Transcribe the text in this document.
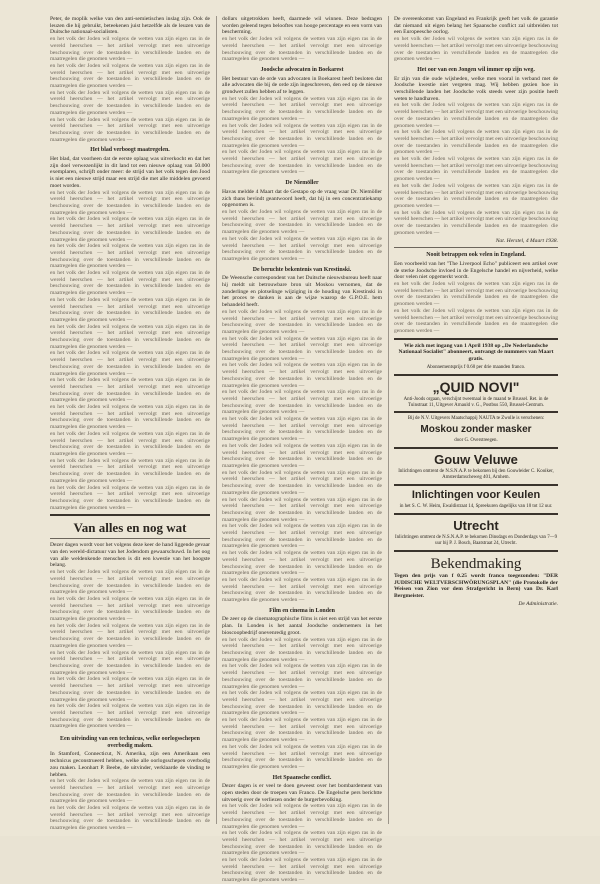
Peter, de moplik welke van den anti-semietischen inslag zijn. Ook de leuzen die hij gebruikt, beteekenen juist hetzelfde als de leuzen van de Duitsche nationaal-socialisten.
en het volk der Joden wil volgens de wetten van zijn eigen ras in de wereld heerschen — het artikel vervolgt met een uitvoerige beschouwing over de toestanden in verschillende landen en de maatregelen die genomen werden —
en het volk der Joden wil volgens de wetten van zijn eigen ras in de wereld heerschen — het artikel vervolgt met een uitvoerige beschouwing over de toestanden in verschillende landen en de maatregelen die genomen werden —
en het volk der Joden wil volgens de wetten van zijn eigen ras in de wereld heerschen — het artikel vervolgt met een uitvoerige beschouwing over de toestanden in verschillende landen en de maatregelen die genomen werden —
en het volk der Joden wil volgens de wetten van zijn eigen ras in de wereld heerschen — het artikel vervolgt met een uitvoerige beschouwing over de toestanden in verschillende landen en de maatregelen die genomen werden —
Het blad verboogt maatregelen.
Het blad, dat voorheen dat de eerste oplaag was uitverkocht en dat het zijn doel verwezenlijkt in dit land tot een nieuwe oplaag van 50.000 exemplaren, schrijft onder meer: de strijd van het volk tegen den Jood is niet een nieuwe strijd maar een strijd die met alle middelen gevoerd moet worden.
en het volk der Joden wil volgens de wetten van zijn eigen ras in de wereld heerschen — het artikel vervolgt met een uitvoerige beschouwing over de toestanden in verschillende landen en de maatregelen die genomen werden —
en het volk der Joden wil volgens de wetten van zijn eigen ras in de wereld heerschen — het artikel vervolgt met een uitvoerige beschouwing over de toestanden in verschillende landen en de maatregelen die genomen werden —
en het volk der Joden wil volgens de wetten van zijn eigen ras in de wereld heerschen — het artikel vervolgt met een uitvoerige beschouwing over de toestanden in verschillende landen en de maatregelen die genomen werden —
en het volk der Joden wil volgens de wetten van zijn eigen ras in de wereld heerschen — het artikel vervolgt met een uitvoerige beschouwing over de toestanden in verschillende landen en de maatregelen die genomen werden —
en het volk der Joden wil volgens de wetten van zijn eigen ras in de wereld heerschen — het artikel vervolgt met een uitvoerige beschouwing over de toestanden in verschillende landen en de maatregelen die genomen werden —
en het volk der Joden wil volgens de wetten van zijn eigen ras in de wereld heerschen — het artikel vervolgt met een uitvoerige beschouwing over de toestanden in verschillende landen en de maatregelen die genomen werden —
en het volk der Joden wil volgens de wetten van zijn eigen ras in de wereld heerschen — het artikel vervolgt met een uitvoerige beschouwing over de toestanden in verschillende landen en de maatregelen die genomen werden —
en het volk der Joden wil volgens de wetten van zijn eigen ras in de wereld heerschen — het artikel vervolgt met een uitvoerige beschouwing over de toestanden in verschillende landen en de maatregelen die genomen werden —
en het volk der Joden wil volgens de wetten van zijn eigen ras in de wereld heerschen — het artikel vervolgt met een uitvoerige beschouwing over de toestanden in verschillende landen en de maatregelen die genomen werden —
en het volk der Joden wil volgens de wetten van zijn eigen ras in de wereld heerschen — het artikel vervolgt met een uitvoerige beschouwing over de toestanden in verschillende landen en de maatregelen die genomen werden —
en het volk der Joden wil volgens de wetten van zijn eigen ras in de wereld heerschen — het artikel vervolgt met een uitvoerige beschouwing over de toestanden in verschillende landen en de maatregelen die genomen werden —
en het volk der Joden wil volgens de wetten van zijn eigen ras in de wereld heerschen — het artikel vervolgt met een uitvoerige beschouwing over de toestanden in verschillende landen en de maatregelen die genomen werden —
Van alles en nog wat
Dezer dagen wordt voor het volgens deze keer de hand liggende gevaar van den wereld-dictatuur van het Jodendom gewaarschuwd. In het oog van alle weldenkende menschen is dit een kwestie van het hoogste belang.
en het volk der Joden wil volgens de wetten van zijn eigen ras in de wereld heerschen — het artikel vervolgt met een uitvoerige beschouwing over de toestanden in verschillende landen en de maatregelen die genomen werden —
en het volk der Joden wil volgens de wetten van zijn eigen ras in de wereld heerschen — het artikel vervolgt met een uitvoerige beschouwing over de toestanden in verschillende landen en de maatregelen die genomen werden —
en het volk der Joden wil volgens de wetten van zijn eigen ras in de wereld heerschen — het artikel vervolgt met een uitvoerige beschouwing over de toestanden in verschillende landen en de maatregelen die genomen werden —
en het volk der Joden wil volgens de wetten van zijn eigen ras in de wereld heerschen — het artikel vervolgt met een uitvoerige beschouwing over de toestanden in verschillende landen en de maatregelen die genomen werden —
en het volk der Joden wil volgens de wetten van zijn eigen ras in de wereld heerschen — het artikel vervolgt met een uitvoerige beschouwing over de toestanden in verschillende landen en de maatregelen die genomen werden —
en het volk der Joden wil volgens de wetten van zijn eigen ras in de wereld heerschen — het artikel vervolgt met een uitvoerige beschouwing over de toestanden in verschillende landen en de maatregelen die genomen werden —
Een uitvinding van een technicus, welke oorlogsschepen overbodig maken.
In Stamford, Connecticut, N. Amerika, zijn een Amerikaan een technicus geconstrueerd hebben, welke alle oorlogsschepen overbodig zou maken. Leonhart P. Beebe, de uitvinder, verklaarde de vinding te hebben.
en het volk der Joden wil volgens de wetten van zijn eigen ras in de wereld heerschen — het artikel vervolgt met een uitvoerige beschouwing over de toestanden in verschillende landen en de maatregelen die genomen werden —
en het volk der Joden wil volgens de wetten van zijn eigen ras in de wereld heerschen — het artikel vervolgt met een uitvoerige beschouwing over de toestanden in verschillende landen en de maatregelen die genomen werden —
dollars uitgetrokken heeft, daarmede wil winnen. Deze bedragen worden geleend tegen belooftes van hooge percentage en een vorm van bescherming.
en het volk der Joden wil volgens de wetten van zijn eigen ras in de wereld heerschen — het artikel vervolgt met een uitvoerige beschouwing over de toestanden in verschillende landen en de maatregelen die genomen werden —
Joodsche advocaten in Boekarest
Het bestuur van de orde van advocaten in Boekarest heeft besloten dat alle advocaten die bij de orde zijn ingeschreven, den eed op de nieuwe grondwet zullen hebben af te leggen.
en het volk der Joden wil volgens de wetten van zijn eigen ras in de wereld heerschen — het artikel vervolgt met een uitvoerige beschouwing over de toestanden in verschillende landen en de maatregelen die genomen werden —
en het volk der Joden wil volgens de wetten van zijn eigen ras in de wereld heerschen — het artikel vervolgt met een uitvoerige beschouwing over de toestanden in verschillende landen en de maatregelen die genomen werden —
en het volk der Joden wil volgens de wetten van zijn eigen ras in de wereld heerschen — het artikel vervolgt met een uitvoerige beschouwing over de toestanden in verschillende landen en de maatregelen die genomen werden —
De Niemöller
Havas meldde 4 Maart dat de Gestapo op de vraag waar Dr. Niemöller zich thans bevindt geantwoord heeft, dat hij in een concentratiekamp opgenomen is.
en het volk der Joden wil volgens de wetten van zijn eigen ras in de wereld heerschen — het artikel vervolgt met een uitvoerige beschouwing over de toestanden in verschillende landen en de maatregelen die genomen werden —
en het volk der Joden wil volgens de wetten van zijn eigen ras in de wereld heerschen — het artikel vervolgt met een uitvoerige beschouwing over de toestanden in verschillende landen en de maatregelen die genomen werden —
De beruchte bekentenis van Krestinski.
De Weensche correspondent van het Duitsche nieuwsbureau heeft naar hij meldt uit betrouwbare bron uit Moskou vernomen, dat de zonderlinge en plotselinge wijziging in de houding van Krestinski in het proces te danken is aan de wijze waarop de G.P.O.E. hem behandeld heeft.
en het volk der Joden wil volgens de wetten van zijn eigen ras in de wereld heerschen — het artikel vervolgt met een uitvoerige beschouwing over de toestanden in verschillende landen en de maatregelen die genomen werden —
en het volk der Joden wil volgens de wetten van zijn eigen ras in de wereld heerschen — het artikel vervolgt met een uitvoerige beschouwing over de toestanden in verschillende landen en de maatregelen die genomen werden —
en het volk der Joden wil volgens de wetten van zijn eigen ras in de wereld heerschen — het artikel vervolgt met een uitvoerige beschouwing over de toestanden in verschillende landen en de maatregelen die genomen werden —
en het volk der Joden wil volgens de wetten van zijn eigen ras in de wereld heerschen — het artikel vervolgt met een uitvoerige beschouwing over de toestanden in verschillende landen en de maatregelen die genomen werden —
en het volk der Joden wil volgens de wetten van zijn eigen ras in de wereld heerschen — het artikel vervolgt met een uitvoerige beschouwing over de toestanden in verschillende landen en de maatregelen die genomen werden —
en het volk der Joden wil volgens de wetten van zijn eigen ras in de wereld heerschen — het artikel vervolgt met een uitvoerige beschouwing over de toestanden in verschillende landen en de maatregelen die genomen werden —
en het volk der Joden wil volgens de wetten van zijn eigen ras in de wereld heerschen — het artikel vervolgt met een uitvoerige beschouwing over de toestanden in verschillende landen en de maatregelen die genomen werden —
en het volk der Joden wil volgens de wetten van zijn eigen ras in de wereld heerschen — het artikel vervolgt met een uitvoerige beschouwing over de toestanden in verschillende landen en de maatregelen die genomen werden —
en het volk der Joden wil volgens de wetten van zijn eigen ras in de wereld heerschen — het artikel vervolgt met een uitvoerige beschouwing over de toestanden in verschillende landen en de maatregelen die genomen werden —
en het volk der Joden wil volgens de wetten van zijn eigen ras in de wereld heerschen — het artikel vervolgt met een uitvoerige beschouwing over de toestanden in verschillende landen en de maatregelen die genomen werden —
en het volk der Joden wil volgens de wetten van zijn eigen ras in de wereld heerschen — het artikel vervolgt met een uitvoerige beschouwing over de toestanden in verschillende landen en de maatregelen die genomen werden —
Film en cinema in Londen
De zeer op de cinematographische films is niet een strijd van het eerste plan. In Londen is het aantal Joodsche ondernemers in het bioscoopbedrijf onevenredig groot.
en het volk der Joden wil volgens de wetten van zijn eigen ras in de wereld heerschen — het artikel vervolgt met een uitvoerige beschouwing over de toestanden in verschillende landen en de maatregelen die genomen werden —
en het volk der Joden wil volgens de wetten van zijn eigen ras in de wereld heerschen — het artikel vervolgt met een uitvoerige beschouwing over de toestanden in verschillende landen en de maatregelen die genomen werden —
en het volk der Joden wil volgens de wetten van zijn eigen ras in de wereld heerschen — het artikel vervolgt met een uitvoerige beschouwing over de toestanden in verschillende landen en de maatregelen die genomen werden —
en het volk der Joden wil volgens de wetten van zijn eigen ras in de wereld heerschen — het artikel vervolgt met een uitvoerige beschouwing over de toestanden in verschillende landen en de maatregelen die genomen werden —
en het volk der Joden wil volgens de wetten van zijn eigen ras in de wereld heerschen — het artikel vervolgt met een uitvoerige beschouwing over de toestanden in verschillende landen en de maatregelen die genomen werden —
Het Spaansche conflict.
Dezer dagen is er veel te doen geweest over het bombardement van open steden door de troepen van Franco. De Engelsche pers berichtte uitvoerig over de verliezen onder de burgerbevolking.
en het volk der Joden wil volgens de wetten van zijn eigen ras in de wereld heerschen — het artikel vervolgt met een uitvoerige beschouwing over de toestanden in verschillende landen en de maatregelen die genomen werden —
en het volk der Joden wil volgens de wetten van zijn eigen ras in de wereld heerschen — het artikel vervolgt met een uitvoerige beschouwing over de toestanden in verschillende landen en de maatregelen die genomen werden —
en het volk der Joden wil volgens de wetten van zijn eigen ras in de wereld heerschen — het artikel vervolgt met een uitvoerige beschouwing over de toestanden in verschillende landen en de maatregelen die genomen werden —
De overeenkomst van Engeland en Frankrijk geeft het volk de garantie dat niemand uit eigen belang het Spaansche conflict zal uitbreiden tot een Europeesche oorlog.
en het volk der Joden wil volgens de wetten van zijn eigen ras in de wereld heerschen — het artikel vervolgt met een uitvoerige beschouwing over de toestanden in verschillende landen en de maatregelen die genomen werden —
Het oor van een Jongen wil immer op zijn weg.
Er zijn van die oude wijsheden, welke men vooral in verband met de Joodsche kwestie niet vergeten mag. Wij hebben gezien hoe in verschillende landen het Joodsche volk steeds weer zijn positie heeft weten te handhaven.
en het volk der Joden wil volgens de wetten van zijn eigen ras in de wereld heerschen — het artikel vervolgt met een uitvoerige beschouwing over de toestanden in verschillende landen en de maatregelen die genomen werden —
en het volk der Joden wil volgens de wetten van zijn eigen ras in de wereld heerschen — het artikel vervolgt met een uitvoerige beschouwing over de toestanden in verschillende landen en de maatregelen die genomen werden —
en het volk der Joden wil volgens de wetten van zijn eigen ras in de wereld heerschen — het artikel vervolgt met een uitvoerige beschouwing over de toestanden in verschillende landen en de maatregelen die genomen werden —
en het volk der Joden wil volgens de wetten van zijn eigen ras in de wereld heerschen — het artikel vervolgt met een uitvoerige beschouwing over de toestanden in verschillende landen en de maatregelen die genomen werden —
en het volk der Joden wil volgens de wetten van zijn eigen ras in de wereld heerschen — het artikel vervolgt met een uitvoerige beschouwing over de toestanden in verschillende landen en de maatregelen die genomen werden —
Nat. Herstel, 4 Maart 1938.
Nooit betrappen ook velen in Engeland.
Een voorbeeld van het "The Liverpool Echo" publiceert een artikel over de sterke Joodsche invloed in de Engelsche handel en nijverheid, welke door velen niet opgemerkt wordt.
en het volk der Joden wil volgens de wetten van zijn eigen ras in de wereld heerschen — het artikel vervolgt met een uitvoerige beschouwing over de toestanden in verschillende landen en de maatregelen die genomen werden —
en het volk der Joden wil volgens de wetten van zijn eigen ras in de wereld heerschen — het artikel vervolgt met een uitvoerige beschouwing over de toestanden in verschillende landen en de maatregelen die genomen werden —
Wie zich met ingang van 1 April 1938 op „De Nederlandsche Nationaal Socialist" abonneert, ontvangt de nummers van Maart gratis.
Abonnementsprijs f 0.60 per drie maanden franco.
„QUID NOVI"
Anti-Joods orgaan, verschijnt tweemaal in de maand te Brussel. Ret. in de Tuinstraat 11, Uitgever Arnauld v. G., Postbus 550, Brussel-Centrum.
Bij de N.V. Uitgevers Maatschappij NAUTA te Zwolle is verschenen:
Moskou zonder masker
door G. Overstreegen.
Gouw Veluwe
Inlichtingen omtrent de N.S.N.A.P. te bekomen bij den Gouwleider C. Kooiker, Amsterdamscheweg 401, Arnhem.
Inlichtingen voor Keulen
in het S. C. W. Heim, Ewaldistraat 14, Spreekuren dagelijks van 10 tot 12 uur.
Utrecht
Inlichtingen omtrent de N.S.N.A.P. te bekomen Dinsdags en Donderdags van 7—9 uur bij P. J. Bosch, Baatstraat 24, Utrecht.
Bekendmaking
Tegen den prijs van f 0.25 wordt franco toegezonden: "DER JUDISCHE WELTVERSCHWÖRUNGSPLAN" (die Protokolle der Weisen von Zion vor dem Strafgericht in Bern) van Dr. Karl Bergmeister.
De Administratie.
